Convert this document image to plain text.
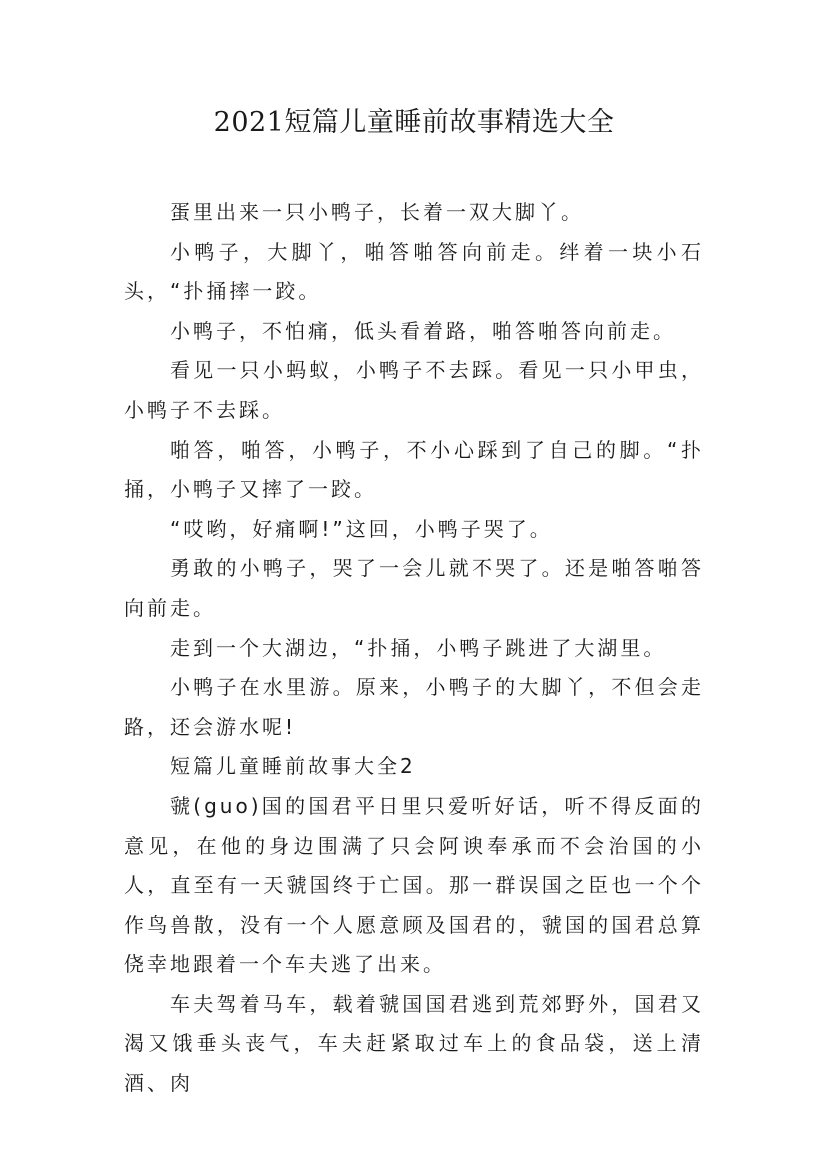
2021短篇儿童睡前故事精选大全

蛋里出来一只小鸭子，长着一双大脚丫。

小鸭子，大脚丫，啪答啪答向前走。绊着一块小石头，“扑捅摔一跤。

小鸭子，不怕痛，低头看着路，啪答啪答向前走。

看见一只小蚂蚁，小鸭子不去踩。看见一只小甲虫，小鸭子不去踩。

啪答，啪答，小鸭子，不小心踩到了自己的脚。“扑捅，小鸭子又摔了一跤。

“哎哟，好痛啊!”这回，小鸭子哭了。

勇敢的小鸭子，哭了一会儿就不哭了。还是啪答啪答向前走。

走到一个大湖边，“扑捅，小鸭子跳进了大湖里。

小鸭子在水里游。原来，小鸭子的大脚丫，不但会走路，还会游水呢!

短篇儿童睡前故事大全2

虢(guo)国的国君平日里只爱听好话，听不得反面的意见，在他的身边围满了只会阿谀奉承而不会治国的小人，直至有一天虢国终于亡国。那一群误国之臣也一个个作鸟兽散，没有一个人愿意顾及国君的，虢国的国君总算侥幸地跟着一个车夫逃了出来。

车夫驾着马车，载着虢国国君逃到荒郊野外，国君又渴又饿垂头丧气，车夫赶紧取过车上的食品袋，送上清酒、肉
